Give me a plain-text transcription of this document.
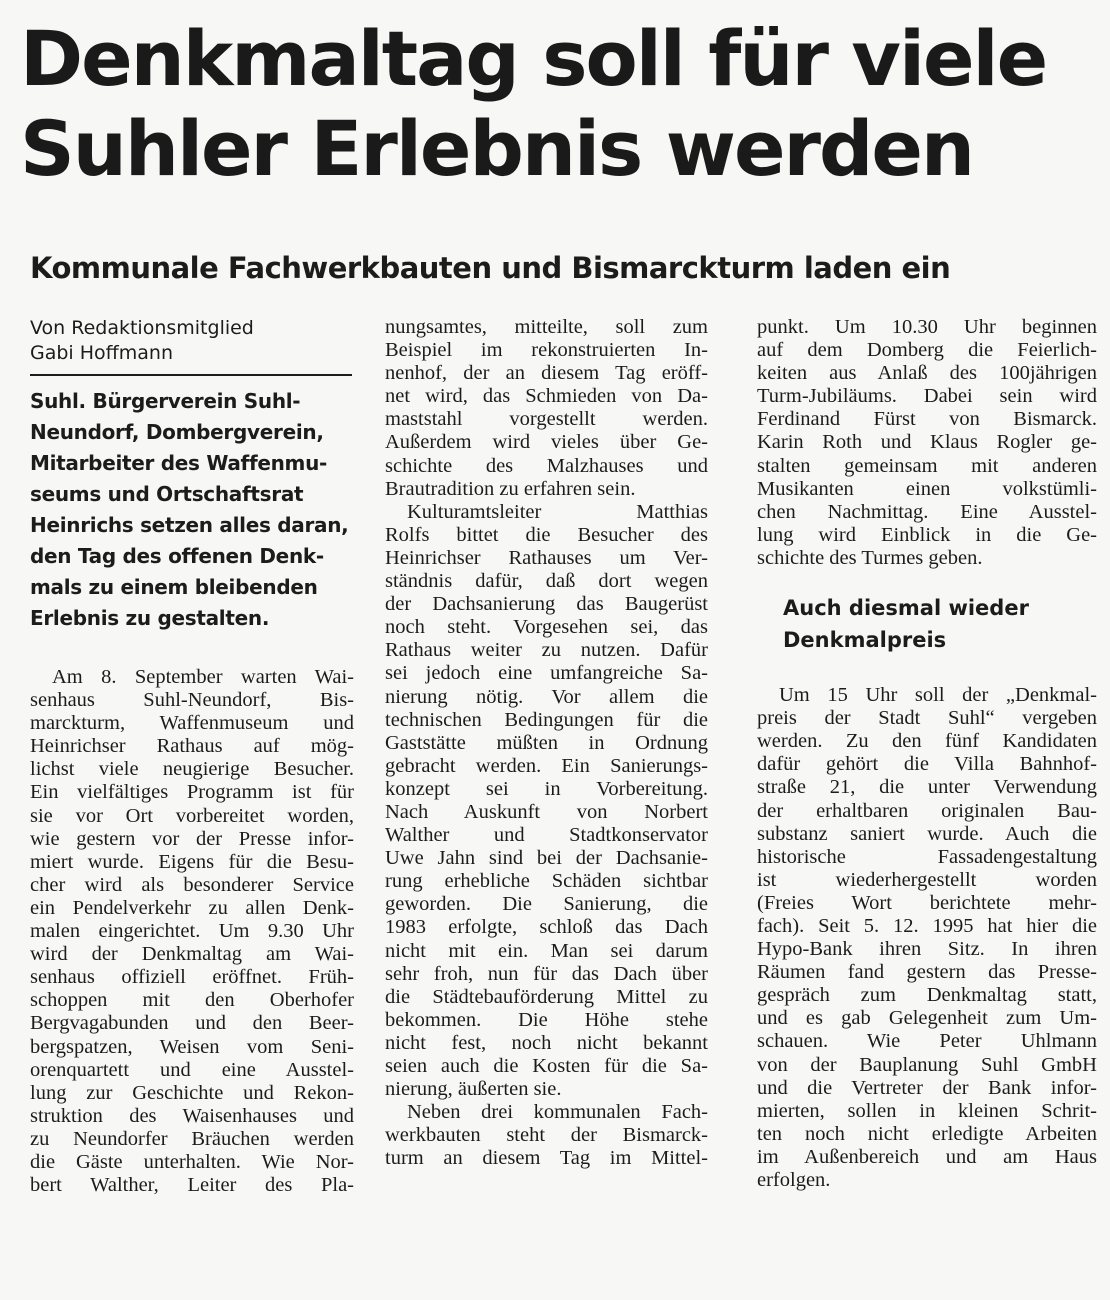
Denkmaltag soll für viele
Suhler Erlebnis werden
Kommunale Fachwerkbauten und Bismarckturm laden ein

Von Redaktionsmitglied
Gabi Hoffmann

Suhl. Bürgerverein Suhl-
Neundorf, Dombergverein,
Mitarbeiter des Waffenmu-
seums und Ortschaftsrat
Heinrichs setzen alles daran,
den Tag des offenen Denk-
mals zu einem bleibenden
Erlebnis zu gestalten.

Am 8. September warten Wai-
senhaus Suhl-Neundorf, Bis-
marckturm, Waffenmuseum und
Heinrichser Rathaus auf mög-
lichst viele neugierige Besucher.
Ein vielfältiges Programm ist für
sie vor Ort vorbereitet worden,
wie gestern vor der Presse infor-
miert wurde. Eigens für die Besu-
cher wird als besonderer Service
ein Pendelverkehr zu allen Denk-
malen eingerichtet. Um 9.30 Uhr
wird der Denkmaltag am Wai-
senhaus offiziell eröffnet. Früh-
schoppen mit den Oberhofer
Bergvagabunden und den Beer-
bergspatzen, Weisen vom Seni-
orenquartett und eine Ausstel-
lung zur Geschichte und Rekon-
struktion des Waisenhauses und
zu Neundorfer Bräuchen werden
die Gäste unterhalten. Wie Nor-
bert Walther, Leiter des Pla-

nungsamtes, mitteilte, soll zum
Beispiel im rekonstruierten In-
nenhof, der an diesem Tag eröff-
net wird, das Schmieden von Da-
maststahl vorgestellt werden.
Außerdem wird vieles über Ge-
schichte des Malzhauses und
Brautradition zu erfahren sein.
Kulturamtsleiter Matthias
Rolfs bittet die Besucher des
Heinrichser Rathauses um Ver-
ständnis dafür, daß dort wegen
der Dachsanierung das Baugerüst
noch steht. Vorgesehen sei, das
Rathaus weiter zu nutzen. Dafür
sei jedoch eine umfangreiche Sa-
nierung nötig. Vor allem die
technischen Bedingungen für die
Gaststätte müßten in Ordnung
gebracht werden. Ein Sanierungs-
konzept sei in Vorbereitung.
Nach Auskunft von Norbert
Walther und Stadtkonservator
Uwe Jahn sind bei der Dachsanie-
rung erhebliche Schäden sichtbar
geworden. Die Sanierung, die
1983 erfolgte, schloß das Dach
nicht mit ein. Man sei darum
sehr froh, nun für das Dach über
die Städtebauförderung Mittel zu
bekommen. Die Höhe stehe
nicht fest, noch nicht bekannt
seien auch die Kosten für die Sa-
nierung, äußerten sie.
Neben drei kommunalen Fach-
werkbauten steht der Bismarck-
turm an diesem Tag im Mittel-

punkt. Um 10.30 Uhr beginnen
auf dem Domberg die Feierlich-
keiten aus Anlaß des 100jährigen
Turm-Jubiläums. Dabei sein wird
Ferdinand Fürst von Bismarck.
Karin Roth und Klaus Rogler ge-
stalten gemeinsam mit anderen
Musikanten einen volkstümli-
chen Nachmittag. Eine Ausstel-
lung wird Einblick in die Ge-
schichte des Turmes geben.

Auch diesmal wieder
Denkmalpreis

Um 15 Uhr soll der „Denkmal-
preis der Stadt Suhl“ vergeben
werden. Zu den fünf Kandidaten
dafür gehört die Villa Bahnhof-
straße 21, die unter Verwendung
der erhaltbaren originalen Bau-
substanz saniert wurde. Auch die
historische Fassadengestaltung
ist wiederhergestellt worden
(Freies Wort berichtete mehr-
fach). Seit 5. 12. 1995 hat hier die
Hypo-Bank ihren Sitz. In ihren
Räumen fand gestern das Presse-
gespräch zum Denkmaltag statt,
und es gab Gelegenheit zum Um-
schauen. Wie Peter Uhlmann
von der Bauplanung Suhl GmbH
und die Vertreter der Bank infor-
mierten, sollen in kleinen Schrit-
ten noch nicht erledigte Arbeiten
im Außenbereich und am Haus
erfolgen.
